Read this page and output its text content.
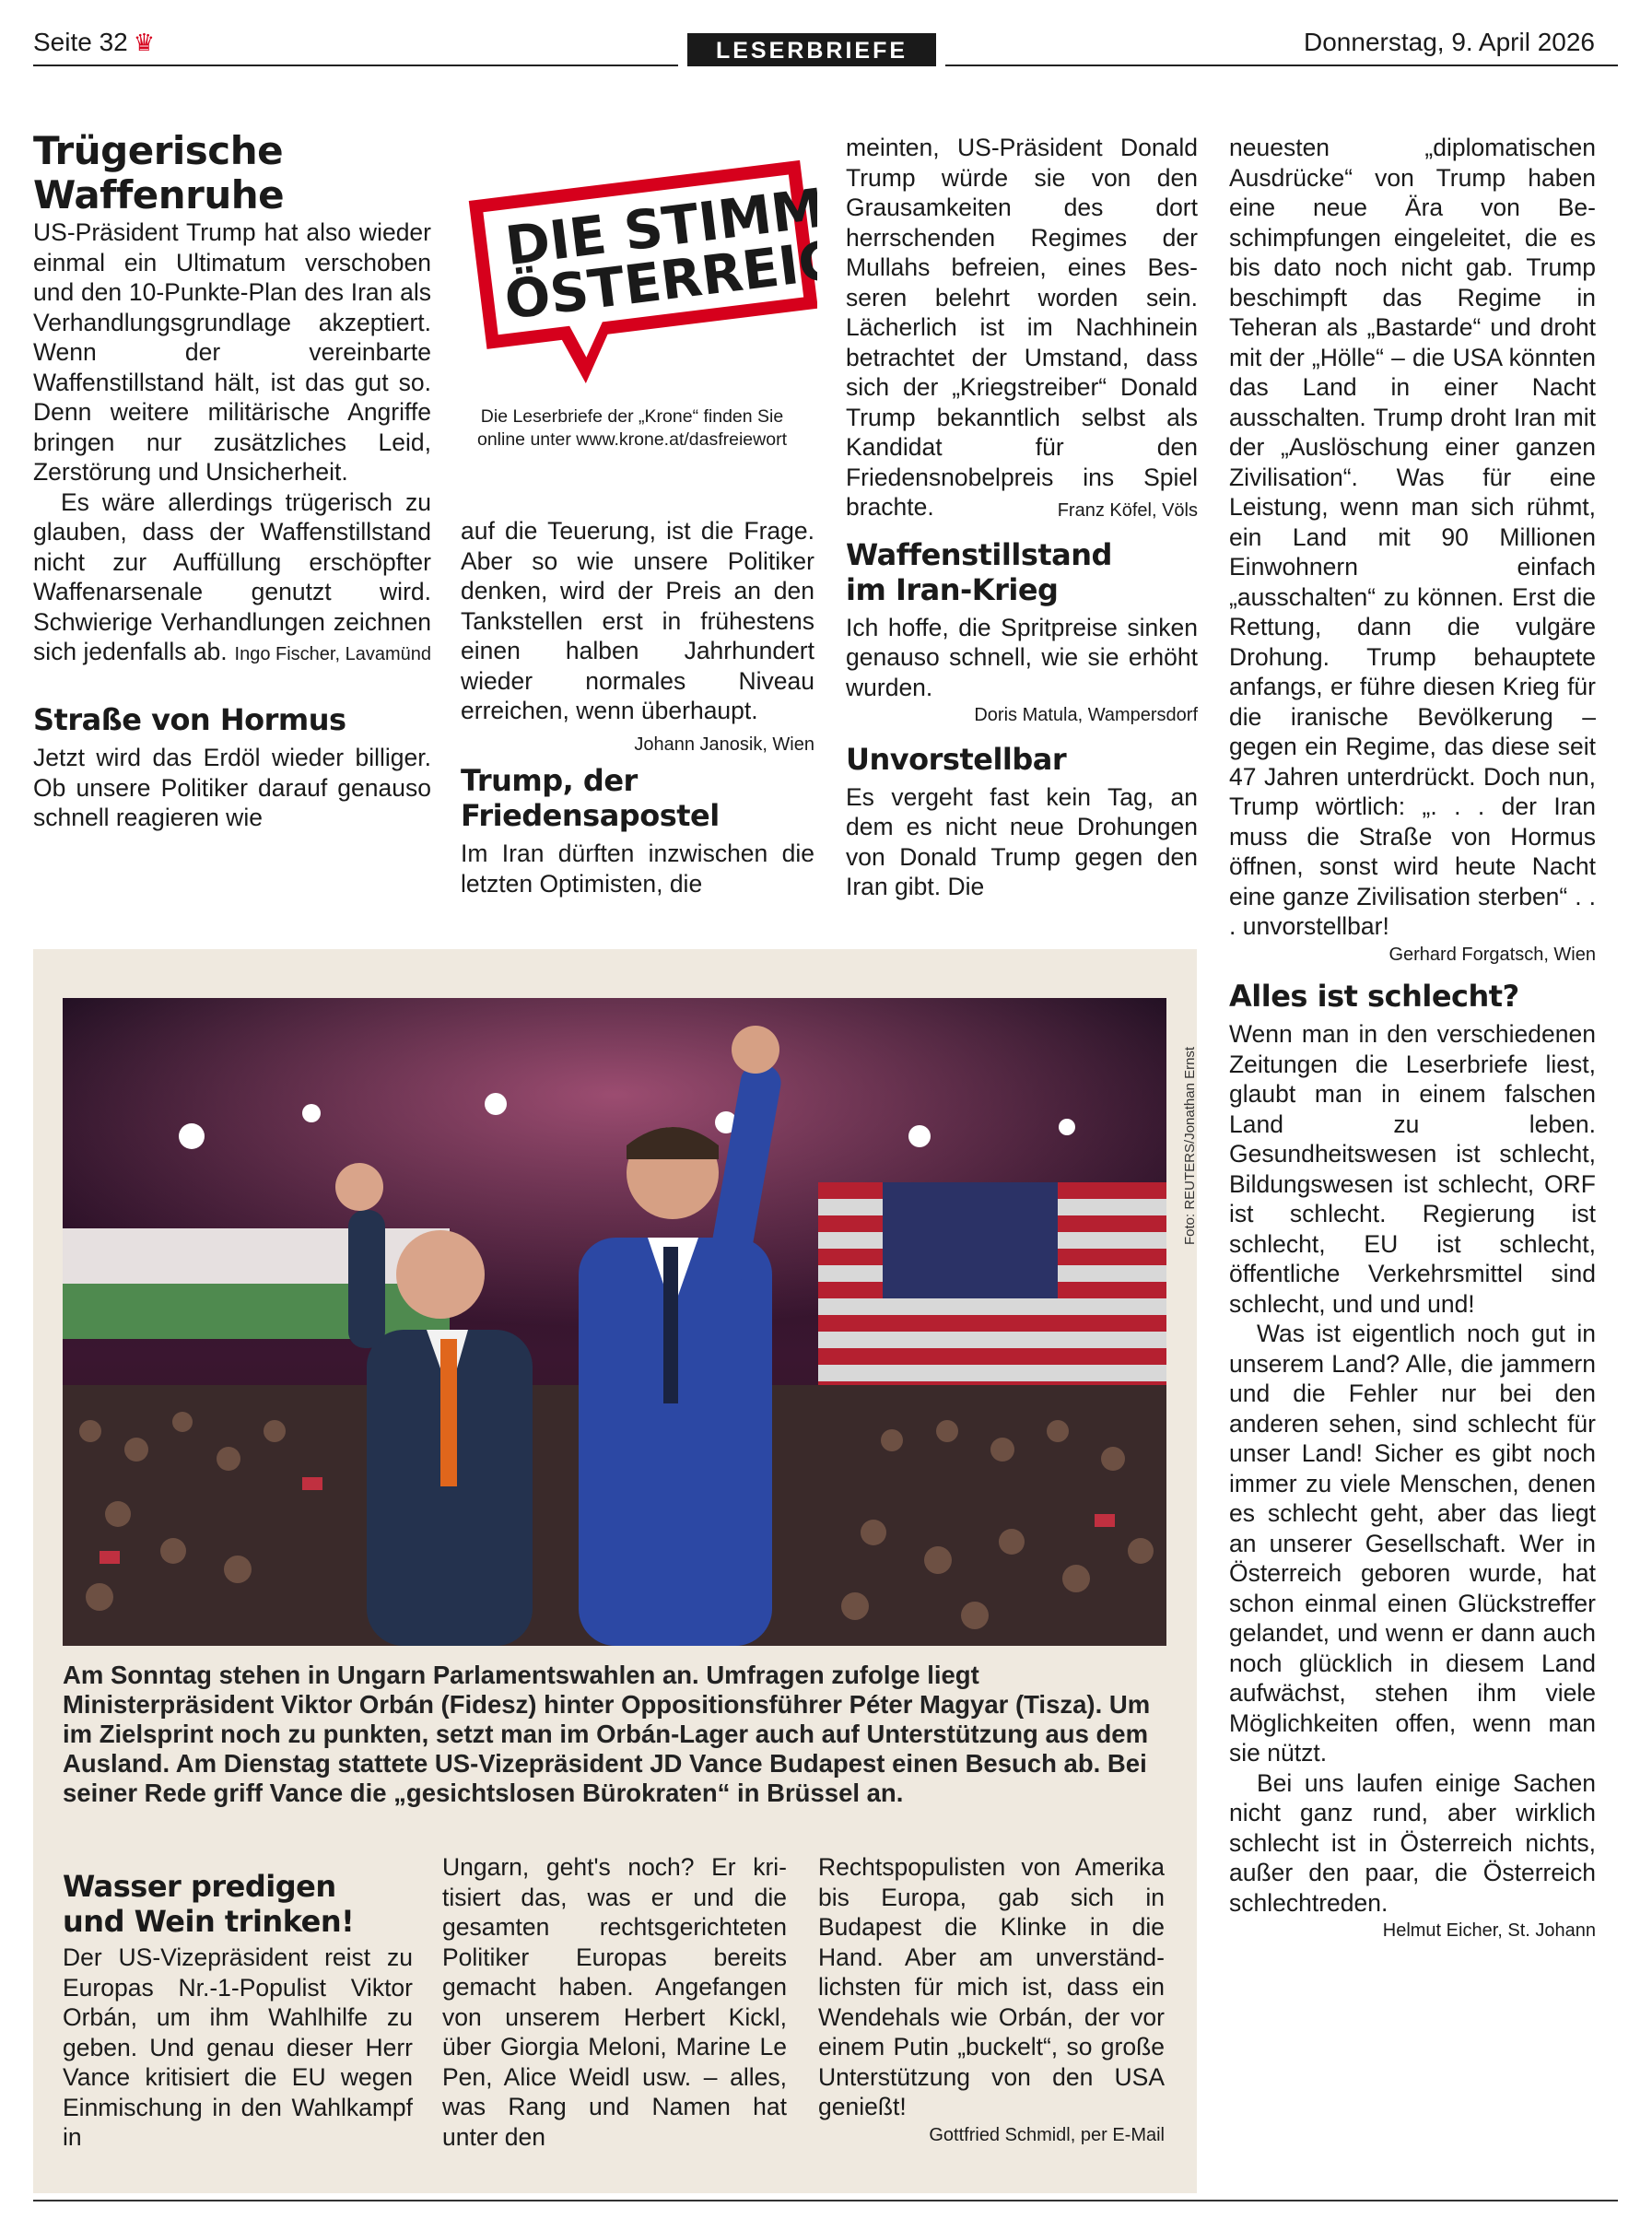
Seite 32 ♛	LESERBRIEFE	Donnerstag, 9. April 2026
Trügerische
Waffenruhe

US-Präsident Trump hat also wieder einmal ein Ultimatum verschoben und den 10-Punkte-Plan des Iran als Verhandlungsgrundlage akzeptiert. Wenn der vereinbarte Waffenstillstand hält, ist das gut so. Denn weitere militärische Angriffe bringen nur zusätzliches Leid, Zerstörung und Unsicherheit.

Es wäre allerdings trügerisch zu glauben, dass der Waffenstillstand nicht zur Auffüllung erschöpfter Waffenarsenale genutzt wird. Schwierige Verhandlungen zeichnen sich jedenfalls ab. Ingo Fischer, Lavamünd
Straße von Hormus

Jetzt wird das Erdöl wieder billiger. Ob unsere Politiker darauf genauso schnell reagieren wie

DIE STIMME
ÖSTERREICHS
Die Leserbriefe der „Krone“ finden Sie
online unter www.krone.at/dasfreiewort

auf die Teuerung, ist die Frage. Aber so wie unsere Politiker denken, wird der Preis an den Tankstellen erst in frühestens einen halben Jahrhundert wieder normales Niveau erreichen, wenn überhaupt.
Johann Janosik, Wien

Trump, der
Friedensapostel

Im Iran dürften inzwischen die letzten Optimisten, die

meinten, US-Präsident Donald Trump würde sie von den Grausamkeiten des dort herrschenden Regimes der Mullahs befreien, eines Besseren belehrt worden sein. Lächerlich ist im Nachhinein betrachtet der Umstand, dass sich der „Kriegstreiber“ Donald Trump bekanntlich selbst als Kandidat für den Friedensnobelpreis ins Spiel brachte.	Franz Köfel, Völs

Waffenstillstand
im Iran-Krieg

Ich hoffe, die Spritpreise sinken genauso schnell, wie sie erhöht wurden.

Doris Matula, Wampersdorf
Unvorstellbar

Es vergeht fast kein Tag, an dem es nicht neue Drohungen von Donald Trump gegen den Iran gibt. Die

neuesten „diplomatischen Ausdrücke“ von Trump haben eine neue Ära von Beschimpfungen eingeleitet, die es bis dato noch nicht gab. Trump beschimpft das Regime in Teheran als „Bastarde“ und droht mit der „Hölle“ – die USA könnten das Land in einer Nacht ausschalten. Trump droht Iran mit der „Auslöschung einer ganzen Zivilisation“. Was für eine Leistung, wenn man sich rühmt, ein Land mit 90 Millionen Einwohnern einfach „ausschalten“ zu können. Erst die Rettung, dann die vulgäre Drohung. Trump behauptete anfangs, er führe diesen Krieg für die iranische Bevölkerung – gegen ein Regime, das diese seit 47 Jahren unterdrückt. Doch nun, Trump wörtlich: „. . . der Iran muss die Straße von Hormus öffnen, sonst wird heute Nacht eine ganze Zivilisation sterben“ . . . unvorstellbar!

Gerhard Forgatsch, Wien
Alles ist schlecht?

Wenn man in den verschiedenen Zeitungen die Leserbriefe liest, glaubt man in einem falschen Land zu leben. Gesundheitswesen ist schlecht, Bildungswesen ist schlecht, ORF ist schlecht. Regierung ist schlecht, EU ist schlecht, öffentliche Verkehrsmittel sind schlecht, und und und!

Was ist eigentlich noch gut in unserem Land? Alle, die jammern und die Fehler nur bei den anderen sehen, sind schlecht für unser Land! Sicher es gibt noch immer zu viele Menschen, denen es schlecht geht, aber das liegt an unserer Gesellschaft. Wer in Österreich geboren wurde, hat schon einmal einen Glückstreffer gelandet, und wenn er dann auch noch glücklich in diesem Land aufwächst, stehen ihm viele Möglichkeiten offen, wenn man sie nützt.

Bei uns laufen einige Sachen nicht ganz rund, aber wirklich schlecht ist in Österreich nichts, außer den paar, die Österreich schlechtreden.

Helmut Eicher, St. Johann
Foto: REUTERS/Jonathan Ernst
Am Sonntag stehen in Ungarn Parlamentswahlen an. Umfragen zufolge liegt Ministerpräsident Viktor Orbán (Fidesz) hinter Oppositionsführer Péter Magyar (Tisza). Um im Zielsprint noch zu punkten, setzt man im Orbán-Lager auch auf Unterstützung aus dem Ausland. Am Dienstag stattete US-Vizepräsident JD Vance Budapest einen Besuch ab. Bei seiner Rede griff Vance die „gesichtslosen Bürokraten“ in Brüssel an.
Wasser predigen
und Wein trinken!

Der US-Vizepräsident reist zu Europas Nr.-1-Populist Viktor Orbán, um ihm Wahlhilfe zu geben. Und genau dieser Herr Vance kritisiert die EU wegen Einmischung in den Wahlkampf in

Ungarn, geht's noch? Er kritisiert das, was er und die gesamten rechtsgerichteten Politiker Europas bereits gemacht haben. Angefangen von unserem Herbert Kickl, über Giorgia Meloni, Marine Le Pen, Alice Weidl usw. – alles, was Rang und Namen hat unter den

Rechtspopulisten von Amerika bis Europa, gab sich in Budapest die Klinke in die Hand. Aber am unverständlichsten für mich ist, dass ein Wendehals wie Orbán, der vor einem Putin „buckelt“, so große Unterstützung von den USA genießt!

Gottfried Schmidl, per E-Mail
